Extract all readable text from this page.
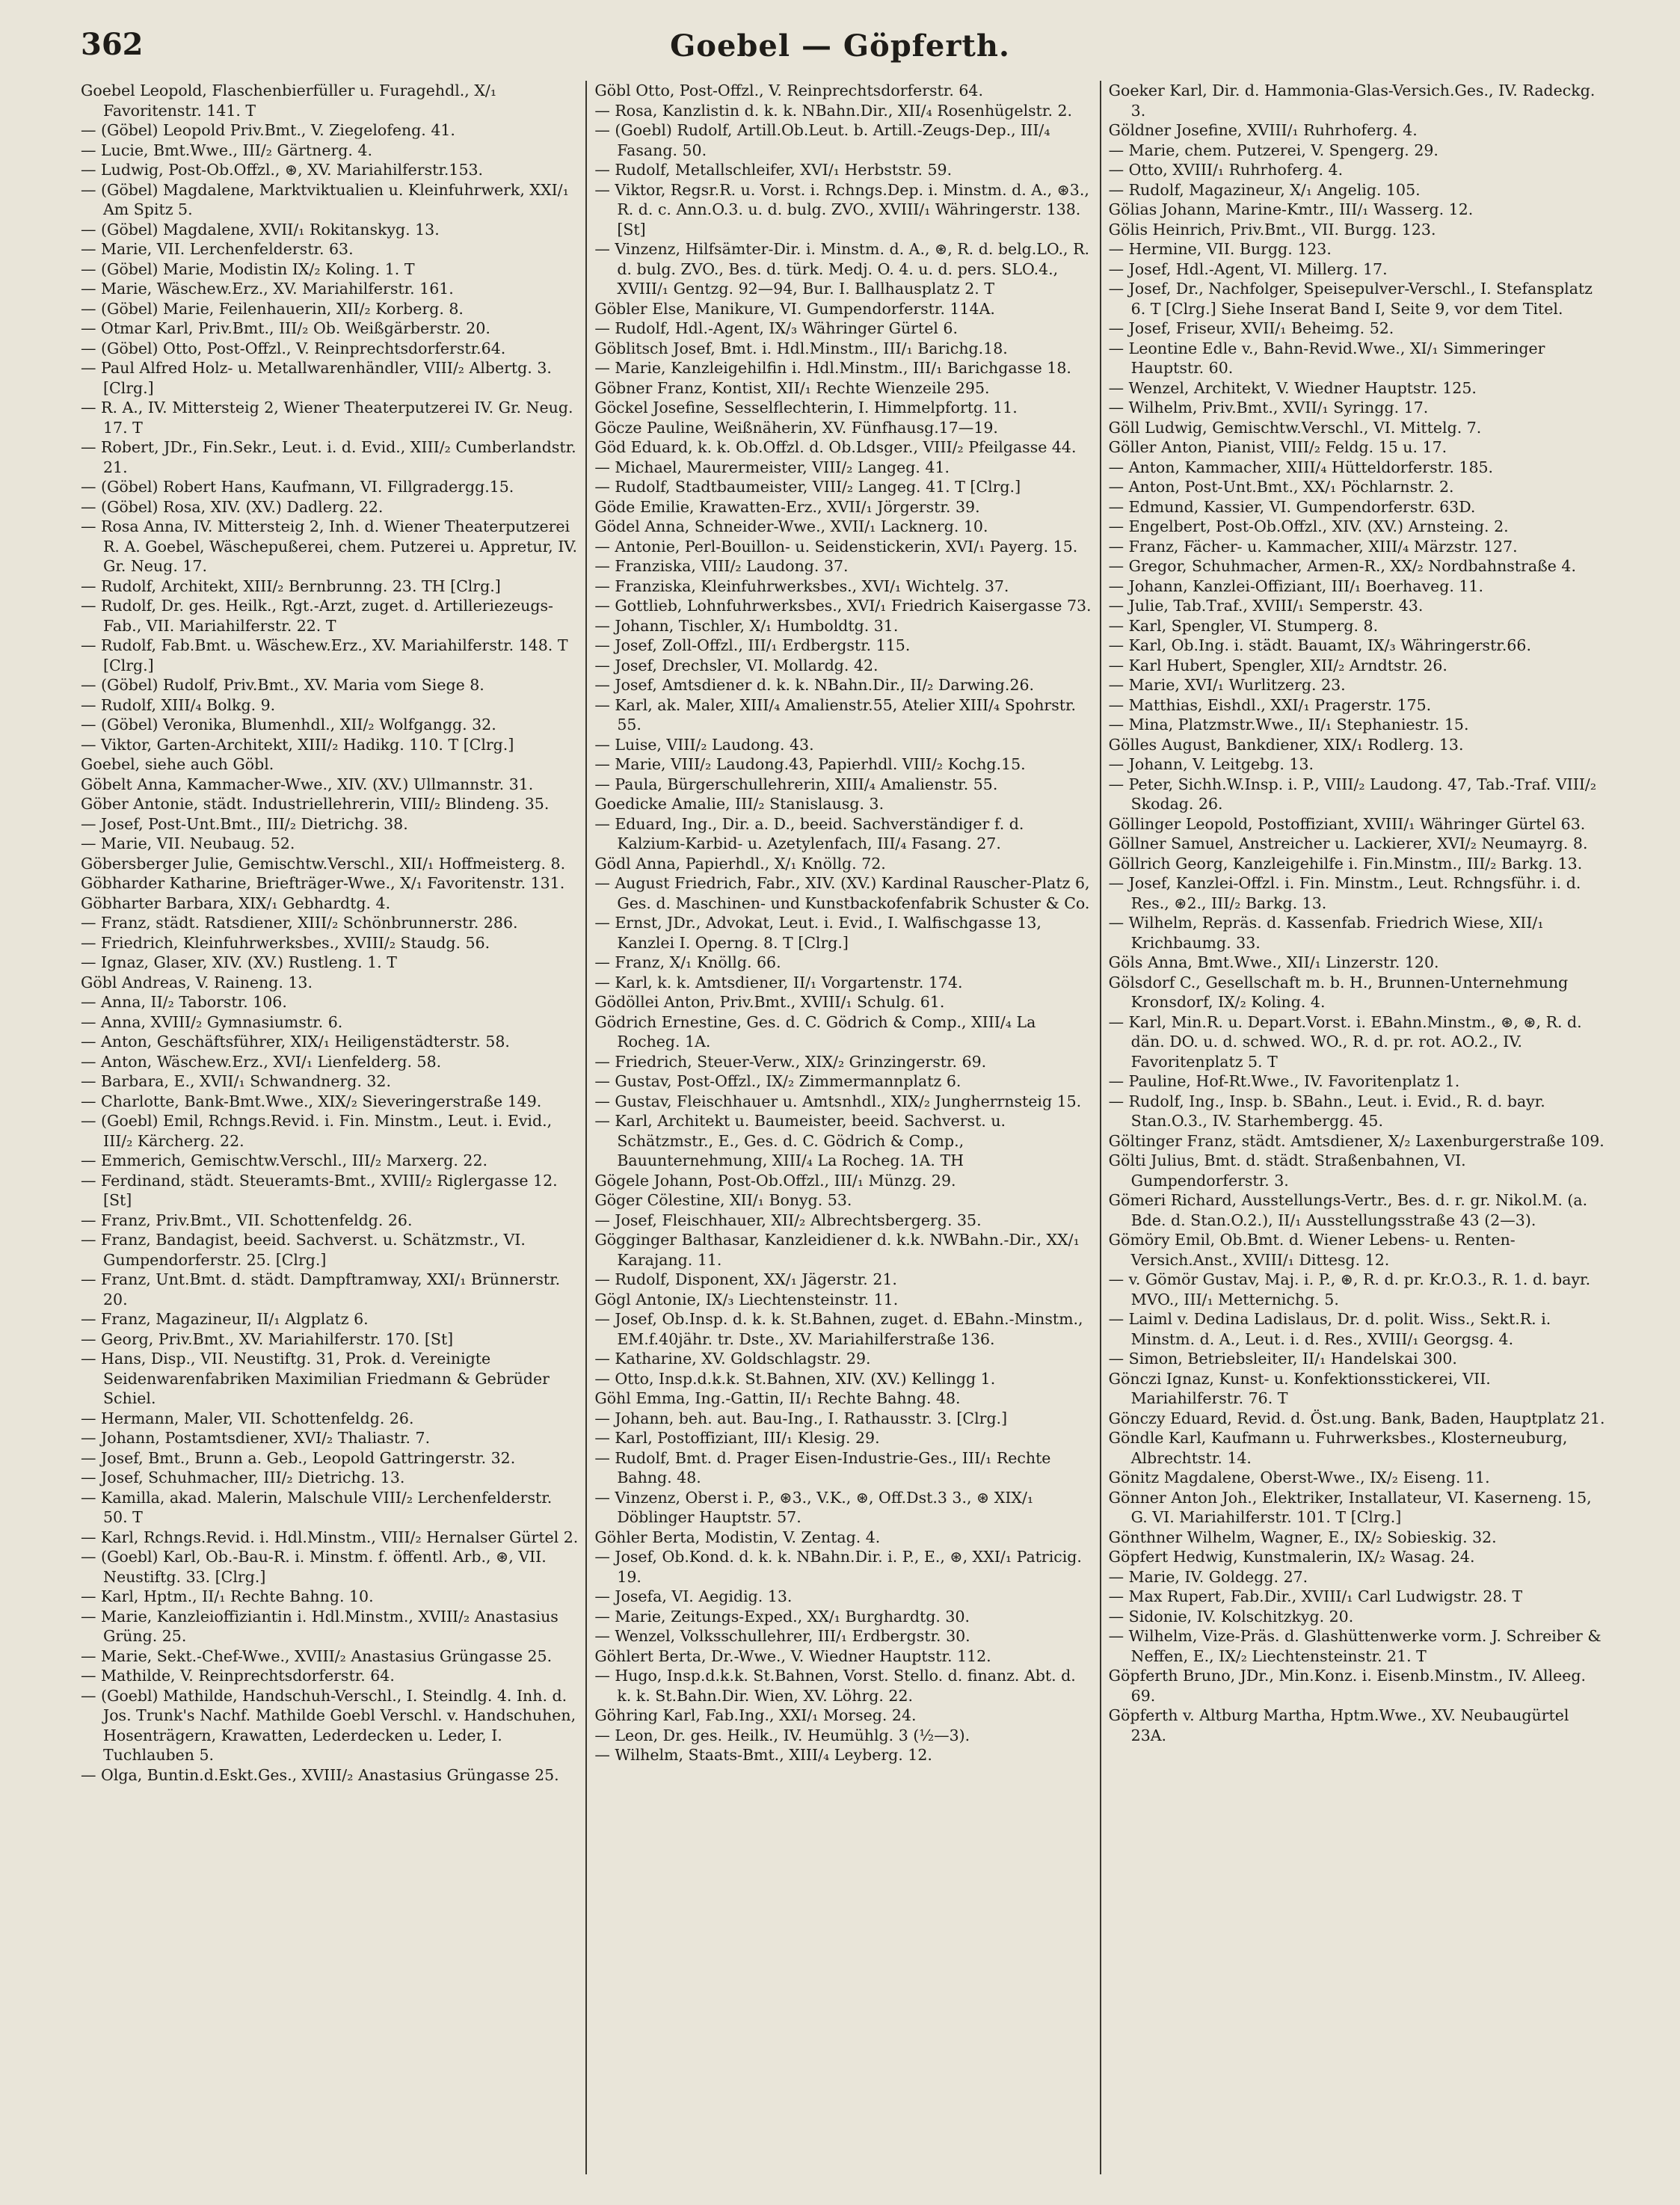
362	Goebel — Göpferth.

Goebel Leopold, Flaschenbierfüller u. Furagehdl., X/₁ Favoritenstr. 141. T

— (Göbel) Leopold Priv.Bmt., V. Ziegelofeng. 41.

— Lucie, Bmt.Wwe., III/₂ Gärtnerg. 4.

— Ludwig, Post-Ob.Offzl., ⊛, XV. Mariahilferstr.153.

— (Göbel) Magdalene, Marktviktualien u. Kleinfuhrwerk, XXI/₁ Am Spitz 5.

— (Göbel) Magdalene, XVII/₁ Rokitanskyg. 13.

— Marie, VII. Lerchenfelderstr. 63.

— (Göbel) Marie, Modistin IX/₂ Koling. 1. T

— Marie, Wäschew.Erz., XV. Mariahilferstr. 161.

— (Göbel) Marie, Feilenhauerin, XII/₂ Korberg. 8.

— Otmar Karl, Priv.Bmt., III/₂ Ob. Weißgärberstr. 20.

— (Göbel) Otto, Post-Offzl., V. Reinprechtsdorferstr.64.

— Paul Alfred Holz- u. Metallwarenhändler, VIII/₂ Albertg. 3. [Clrg.]

— R. A., IV. Mittersteig 2, Wiener Theaterputzerei IV. Gr. Neug. 17. T

— Robert, JDr., Fin.Sekr., Leut. i. d. Evid., XIII/₂ Cumberlandstr. 21.

— (Göbel) Robert Hans, Kaufmann, VI. Fillgradergg.15.

— (Göbel) Rosa, XIV. (XV.) Dadlerg. 22.

— Rosa Anna, IV. Mittersteig 2, Inh. d. Wiener Theaterputzerei R. A. Goebel, Wäschepußerei, chem. Putzerei u. Appretur, IV. Gr. Neug. 17.

— Rudolf, Architekt, XIII/₂ Bernbrunng. 23. TH [Clrg.]

— Rudolf, Dr. ges. Heilk., Rgt.-Arzt, zuget. d. Artilleriezeugs-Fab., VII. Mariahilferstr. 22. T

— Rudolf, Fab.Bmt. u. Wäschew.Erz., XV. Mariahilferstr. 148. T [Clrg.]

— (Göbel) Rudolf, Priv.Bmt., XV. Maria vom Siege 8.

— Rudolf, XIII/₄ Bolkg. 9.

— (Göbel) Veronika, Blumenhdl., XII/₂ Wolfgangg. 32.

— Viktor, Garten-Architekt, XIII/₂ Hadikg. 110. T [Clrg.]

Goebel, siehe auch Göbl.

Göbelt Anna, Kammacher-Wwe., XIV. (XV.) Ullmannstr. 31.

Göber Antonie, städt. Industriellehrerin, VIII/₂ Blindeng. 35.

— Josef, Post-Unt.Bmt., III/₂ Dietrichg. 38.

— Marie, VII. Neubaug. 52.

Göbersberger Julie, Gemischtw.Verschl., XII/₁ Hoffmeisterg. 8.

Göbharder Katharine, Briefträger-Wwe., X/₁ Favoritenstr. 131.

Göbharter Barbara, XIX/₁ Gebhardtg. 4.

— Franz, städt. Ratsdiener, XIII/₂ Schönbrunnerstr. 286.

— Friedrich, Kleinfuhrwerksbes., XVIII/₂ Staudg. 56.

— Ignaz, Glaser, XIV. (XV.) Rustleng. 1. T

Göbl Andreas, V. Raineng. 13.

— Anna, II/₂ Taborstr. 106.

— Anna, XVIII/₂ Gymnasiumstr. 6.

— Anton, Geschäftsführer, XIX/₁ Heiligenstädterstr. 58.

— Anton, Wäschew.Erz., XVI/₁ Lienfelderg. 58.

— Barbara, E., XVII/₁ Schwandnerg. 32.

— Charlotte, Bank-Bmt.Wwe., XIX/₂ Sieveringerstraße 149.

— (Goebl) Emil, Rchngs.Revid. i. Fin. Minstm., Leut. i. Evid., III/₂ Kärcherg. 22.

— Emmerich, Gemischtw.Verschl., III/₂ Marxerg. 22.

— Ferdinand, städt. Steueramts-Bmt., XVIII/₂ Riglergasse 12. [St]

— Franz, Priv.Bmt., VII. Schottenfeldg. 26.

— Franz, Bandagist, beeid. Sachverst. u. Schätzmstr., VI. Gumpendorferstr. 25. [Clrg.]

— Franz, Unt.Bmt. d. städt. Dampftramway, XXI/₁ Brünnerstr. 20.

— Franz, Magazineur, II/₁ Algplatz 6.

— Georg, Priv.Bmt., XV. Mariahilferstr. 170. [St]

— Hans, Disp., VII. Neustiftg. 31, Prok. d. Vereinigte Seidenwarenfabriken Maximilian Friedmann & Gebrüder Schiel.

— Hermann, Maler, VII. Schottenfeldg. 26.

— Johann, Postamtsdiener, XVI/₂ Thaliastr. 7.

— Josef, Bmt., Brunn a. Geb., Leopold Gattringerstr. 32.

— Josef, Schuhmacher, III/₂ Dietrichg. 13.

— Kamilla, akad. Malerin, Malschule VIII/₂ Lerchenfelderstr. 50. T

— Karl, Rchngs.Revid. i. Hdl.Minstm., VIII/₂ Hernalser Gürtel 2.

— (Goebl) Karl, Ob.-Bau-R. i. Minstm. f. öffentl. Arb., ⊛, VII. Neustiftg. 33. [Clrg.]

— Karl, Hptm., II/₁ Rechte Bahng. 10.

— Marie, Kanzleioffiziantin i. Hdl.Minstm., XVIII/₂ Anastasius Grüng. 25.

— Marie, Sekt.-Chef-Wwe., XVIII/₂ Anastasius Grüngasse 25.

— Mathilde, V. Reinprechtsdorferstr. 64.

— (Goebl) Mathilde, Handschuh-Verschl., I. Steindlg. 4. Inh. d. Jos. Trunk's Nachf. Mathilde Goebl Verschl. v. Handschuhen, Hosenträgern, Krawatten, Lederdecken u. Leder, I. Tuchlauben 5.

— Olga, Buntin.d.Eskt.Ges., XVIII/₂ Anastasius Grüngasse 25.

Göbl Otto, Post-Offzl., V. Reinprechtsdorferstr. 64.

— Rosa, Kanzlistin d. k. k. NBahn.Dir., XII/₄ Rosenhügelstr. 2.

— (Goebl) Rudolf, Artill.Ob.Leut. b. Artill.-Zeugs-Dep., III/₄ Fasang. 50.

— Rudolf, Metallschleifer, XVI/₁ Herbststr. 59.

— Viktor, Regsr.R. u. Vorst. i. Rchngs.Dep. i. Minstm. d. A., ⊛3., R. d. c. Ann.O.3. u. d. bulg. ZVO., XVIII/₁ Währingerstr. 138. [St]

— Vinzenz, Hilfsämter-Dir. i. Minstm. d. A., ⊛, R. d. belg.LO., R. d. bulg. ZVO., Bes. d. türk. Medj. O. 4. u. d. pers. SLO.4., XVIII/₁ Gentzg. 92—94, Bur. I. Ballhausplatz 2. T

Göbler Else, Manikure, VI. Gumpendorferstr. 114A.

— Rudolf, Hdl.-Agent, IX/₃ Währinger Gürtel 6.

Göblitsch Josef, Bmt. i. Hdl.Minstm., III/₁ Barichg.18.

— Marie, Kanzleigehilfin i. Hdl.Minstm., III/₁ Barichgasse 18.

Göbner Franz, Kontist, XII/₁ Rechte Wienzeile 295.

Göckel Josefine, Sesselflechterin, I. Himmelpfortg. 11.

Göcze Pauline, Weißnäherin, XV. Fünfhausg.17—19.

Göd Eduard, k. k. Ob.Offzl. d. Ob.Ldsger., VIII/₂ Pfeilgasse 44.

— Michael, Maurermeister, VIII/₂ Langeg. 41.

— Rudolf, Stadtbaumeister, VIII/₂ Langeg. 41. T [Clrg.]

Göde Emilie, Krawatten-Erz., XVII/₁ Jörgerstr. 39.

Gödel Anna, Schneider-Wwe., XVII/₁ Lacknerg. 10.

— Antonie, Perl-Bouillon- u. Seidenstickerin, XVI/₁ Payerg. 15.

— Franziska, VIII/₂ Laudong. 37.

— Franziska, Kleinfuhrwerksbes., XVI/₁ Wichtelg. 37.

— Gottlieb, Lohnfuhrwerksbes., XVI/₁ Friedrich Kaisergasse 73.

— Johann, Tischler, X/₁ Humboldtg. 31.

— Josef, Zoll-Offzl., III/₁ Erdbergstr. 115.

— Josef, Drechsler, VI. Mollardg. 42.

— Josef, Amtsdiener d. k. k. NBahn.Dir., II/₂ Darwing.26.

— Karl, ak. Maler, XIII/₄ Amalienstr.55, Atelier XIII/₄ Spohrstr. 55.

— Luise, VIII/₂ Laudong. 43.

— Marie, VIII/₂ Laudong.43, Papierhdl. VIII/₂ Kochg.15.

— Paula, Bürgerschullehrerin, XIII/₄ Amalienstr. 55.

Goedicke Amalie, III/₂ Stanislausg. 3.

— Eduard, Ing., Dir. a. D., beeid. Sachverständiger f. d. Kalzium-Karbid- u. Azetylenfach, III/₄ Fasang. 27.

Gödl Anna, Papierhdl., X/₁ Knöllg. 72.

— August Friedrich, Fabr., XIV. (XV.) Kardinal Rauscher-Platz 6, Ges. d. Maschinen- und Kunstbackofenfabrik Schuster & Co.

— Ernst, JDr., Advokat, Leut. i. Evid., I. Walfischgasse 13, Kanzlei I. Operng. 8. T [Clrg.]

— Franz, X/₁ Knöllg. 66.

— Karl, k. k. Amtsdiener, II/₁ Vorgartenstr. 174.

Gödöllei Anton, Priv.Bmt., XVIII/₁ Schulg. 61.

Gödrich Ernestine, Ges. d. C. Gödrich & Comp., XIII/₄ La Rocheg. 1A.

— Friedrich, Steuer-Verw., XIX/₂ Grinzingerstr. 69.

— Gustav, Post-Offzl., IX/₂ Zimmermannplatz 6.

— Gustav, Fleischhauer u. Amtsnhdl., XIX/₂ Jungherrnsteig 15.

— Karl, Architekt u. Baumeister, beeid. Sachverst. u. Schätzmstr., E., Ges. d. C. Gödrich & Comp., Bauunternehmung, XIII/₄ La Rocheg. 1A. TH

Gögele Johann, Post-Ob.Offzl., III/₁ Münzg. 29.

Göger Cölestine, XII/₁ Bonyg. 53.

— Josef, Fleischhauer, XII/₂ Albrechtsbergerg. 35.

Gögginger Balthasar, Kanzleidiener d. k.k. NWBahn.-Dir., XX/₁ Karajang. 11.

— Rudolf, Disponent, XX/₁ Jägerstr. 21.

Gögl Antonie, IX/₃ Liechtensteinstr. 11.

— Josef, Ob.Insp. d. k. k. St.Bahnen, zuget. d. EBahn.-Minstm., EM.f.40jähr. tr. Dste., XV. Mariahilferstraße 136.

— Katharine, XV. Goldschlagstr. 29.

— Otto, Insp.d.k.k. St.Bahnen, XIV. (XV.) Kellingg 1.

Göhl Emma, Ing.-Gattin, II/₁ Rechte Bahng. 48.

— Johann, beh. aut. Bau-Ing., I. Rathausstr. 3. [Clrg.]

— Karl, Postoffiziant, III/₁ Klesig. 29.

— Rudolf, Bmt. d. Prager Eisen-Industrie-Ges., III/₁ Rechte Bahng. 48.

— Vinzenz, Oberst i. P., ⊛3., V.K., ⊛, Off.Dst.3 3., ⊛ XIX/₁ Döblinger Hauptstr. 57.

Göhler Berta, Modistin, V. Zentag. 4.

— Josef, Ob.Kond. d. k. k. NBahn.Dir. i. P., E., ⊛, XXI/₁ Patricig. 19.

— Josefa, VI. Aegidig. 13.

— Marie, Zeitungs-Exped., XX/₁ Burghardtg. 30.

— Wenzel, Volksschullehrer, III/₁ Erdbergstr. 30.

Göhlert Berta, Dr.-Wwe., V. Wiedner Hauptstr. 112.

— Hugo, Insp.d.k.k. St.Bahnen, Vorst. Stello. d. finanz. Abt. d. k. k. St.Bahn.Dir. Wien, XV. Löhrg. 22.

Göhring Karl, Fab.Ing., XXI/₁ Morseg. 24.

— Leon, Dr. ges. Heilk., IV. Heumühlg. 3 (½—3).

— Wilhelm, Staats-Bmt., XIII/₄ Leyberg. 12.

Goeker Karl, Dir. d. Hammonia-Glas-Versich.Ges., IV. Radeckg. 3.

Göldner Josefine, XVIII/₁ Ruhrhoferg. 4.

— Marie, chem. Putzerei, V. Spengerg. 29.

— Otto, XVIII/₁ Ruhrhoferg. 4.

— Rudolf, Magazineur, X/₁ Angelig. 105.

Gölias Johann, Marine-Kmtr., III/₁ Wasserg. 12.

Gölis Heinrich, Priv.Bmt., VII. Burgg. 123.

— Hermine, VII. Burgg. 123.

— Josef, Hdl.-Agent, VI. Millerg. 17.

— Josef, Dr., Nachfolger, Speisepulver-Verschl., I. Stefansplatz 6. T [Clrg.] Siehe Inserat Band I, Seite 9, vor dem Titel.

— Josef, Friseur, XVII/₁ Beheimg. 52.

— Leontine Edle v., Bahn-Revid.Wwe., XI/₁ Simmeringer Hauptstr. 60.

— Wenzel, Architekt, V. Wiedner Hauptstr. 125.

— Wilhelm, Priv.Bmt., XVII/₁ Syringg. 17.

Göll Ludwig, Gemischtw.Verschl., VI. Mittelg. 7.

Göller Anton, Pianist, VIII/₂ Feldg. 15 u. 17.

— Anton, Kammacher, XIII/₄ Hütteldorferstr. 185.

— Anton, Post-Unt.Bmt., XX/₁ Pöchlarnstr. 2.

— Edmund, Kassier, VI. Gumpendorferstr. 63D.

— Engelbert, Post-Ob.Offzl., XIV. (XV.) Arnsteing. 2.

— Franz, Fächer- u. Kammacher, XIII/₄ Märzstr. 127.

— Gregor, Schuhmacher, Armen-R., XX/₂ Nordbahnstraße 4.

— Johann, Kanzlei-Offiziant, III/₁ Boerhaveg. 11.

— Julie, Tab.Traf., XVIII/₁ Semperstr. 43.

— Karl, Spengler, VI. Stumperg. 8.

— Karl, Ob.Ing. i. städt. Bauamt, IX/₃ Währingerstr.66.

— Karl Hubert, Spengler, XII/₂ Arndtstr. 26.

— Marie, XVI/₁ Wurlitzerg. 23.

— Matthias, Eishdl., XXI/₁ Pragerstr. 175.

— Mina, Platzmstr.Wwe., II/₁ Stephaniestr. 15.

Gölles August, Bankdiener, XIX/₁ Rodlerg. 13.

— Johann, V. Leitgebg. 13.

— Peter, Sichh.W.Insp. i. P., VIII/₂ Laudong. 47, Tab.-Traf. VIII/₂ Skodag. 26.

Göllinger Leopold, Postoffiziant, XVIII/₁ Währinger Gürtel 63.

Göllner Samuel, Anstreicher u. Lackierer, XVI/₂ Neumayrg. 8.

Göllrich Georg, Kanzleigehilfe i. Fin.Minstm., III/₂ Barkg. 13.

— Josef, Kanzlei-Offzl. i. Fin. Minstm., Leut. Rchngsführ. i. d. Res., ⊛2., III/₂ Barkg. 13.

— Wilhelm, Repräs. d. Kassenfab. Friedrich Wiese, XII/₁ Krichbaumg. 33.

Göls Anna, Bmt.Wwe., XII/₁ Linzerstr. 120.

Gölsdorf C., Gesellschaft m. b. H., Brunnen-Unternehmung Kronsdorf, IX/₂ Koling. 4.

— Karl, Min.R. u. Depart.Vorst. i. EBahn.Minstm., ⊛, ⊛, R. d. dän. DO. u. d. schwed. WO., R. d. pr. rot. AO.2., IV. Favoritenplatz 5. T

— Pauline, Hof-Rt.Wwe., IV. Favoritenplatz 1.

— Rudolf, Ing., Insp. b. SBahn., Leut. i. Evid., R. d. bayr. Stan.O.3., IV. Starhembergg. 45.

Göltinger Franz, städt. Amtsdiener, X/₂ Laxenburgerstraße 109.

Gölti Julius, Bmt. d. städt. Straßenbahnen, VI. Gumpendorferstr. 3.

Gömeri Richard, Ausstellungs-Vertr., Bes. d. r. gr. Nikol.M. (a. Bde. d. Stan.O.2.), II/₁ Ausstellungsstraße 43 (2—3).

Gömöry Emil, Ob.Bmt. d. Wiener Lebens- u. Renten-Versich.Anst., XVIII/₁ Dittesg. 12.

— v. Gömör Gustav, Maj. i. P., ⊛, R. d. pr. Kr.O.3., R. 1. d. bayr. MVO., III/₁ Metternichg. 5.

— Laiml v. Dedina Ladislaus, Dr. d. polit. Wiss., Sekt.R. i. Minstm. d. A., Leut. i. d. Res., XVIII/₁ Georgsg. 4.

— Simon, Betriebsleiter, II/₁ Handelskai 300.

Gönczi Ignaz, Kunst- u. Konfektionsstickerei, VII. Mariahilferstr. 76. T

Gönczy Eduard, Revid. d. Öst.ung. Bank, Baden, Hauptplatz 21.

Göndle Karl, Kaufmann u. Fuhrwerksbes., Klosterneuburg, Albrechtstr. 14.

Gönitz Magdalene, Oberst-Wwe., IX/₂ Eiseng. 11.

Gönner Anton Joh., Elektriker, Installateur, VI. Kaserneng. 15, G. VI. Mariahilferstr. 101. T [Clrg.]

Gönthner Wilhelm, Wagner, E., IX/₂ Sobieskig. 32.

Göpfert Hedwig, Kunstmalerin, IX/₂ Wasag. 24.

— Marie, IV. Goldegg. 27.

— Max Rupert, Fab.Dir., XVIII/₁ Carl Ludwigstr. 28. T

— Sidonie, IV. Kolschitzkyg. 20.

— Wilhelm, Vize-Präs. d. Glashüttenwerke vorm. J. Schreiber & Neffen, E., IX/₂ Liechtensteinstr. 21. T

Göpferth Bruno, JDr., Min.Konz. i. Eisenb.Minstm., IV. Alleeg. 69.

Göpferth v. Altburg Martha, Hptm.Wwe., XV. Neubaugürtel 23A.
